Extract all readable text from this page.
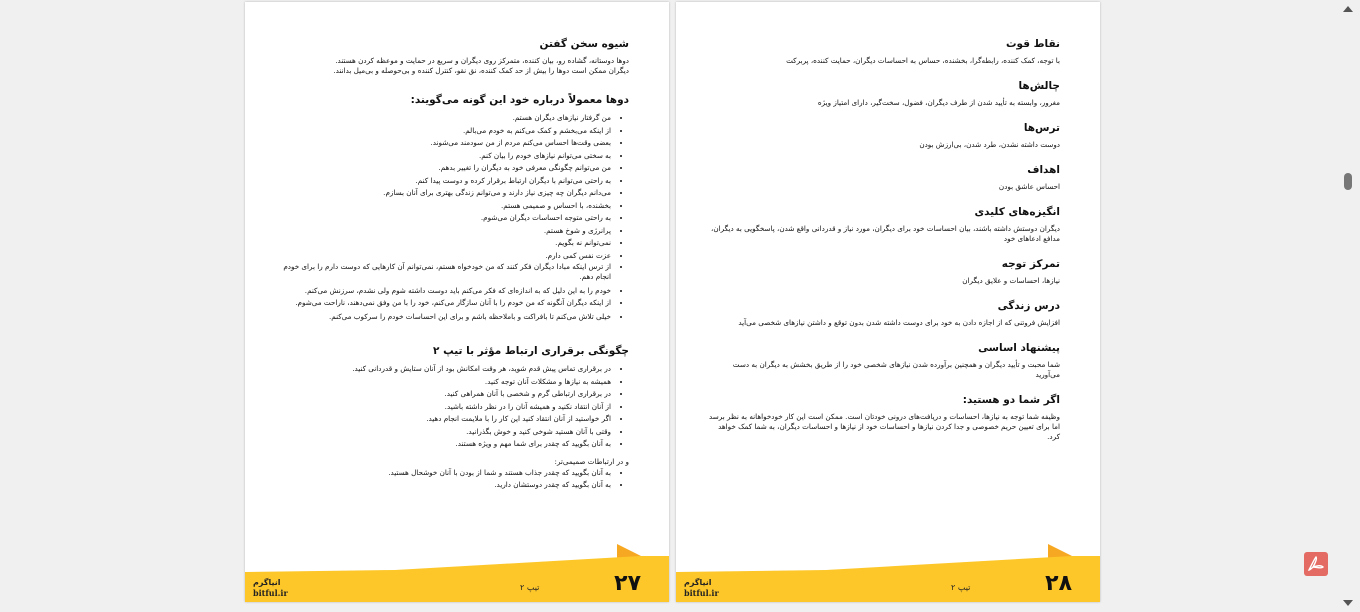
شیوه سخن گفتن

دوها دوستانه، گشاده رو، بیان کننده، متمرکز روی دیگران و سریع در حمایت و موعظه کردن هستند.

دیگران ممکن است دوها را بیش از حد کمک کننده، نق نقو، کنترل کننده و بی‌حوصله و بی‌میل بدانند.

دوها معمولاً درباره خود این گونه می‌گویند:
• من گرفتار نیازهای دیگران هستم.
• از اینکه می‌بخشم و کمک می‌کنم به خودم می‌بالم.
• بعضی وقت‌ها احساس می‌کنم مردم از من سودمند می‌شوند.
• به سختی می‌توانم نیازهای خودم را بیان کنم.
• من می‌توانم چگونگی معرفی خود به دیگران را تغییر بدهم.
• به راحتی می‌توانم با دیگران ارتباط برقرار کرده و دوست پیدا کنم.
• می‌دانم دیگران چه چیزی نیاز دارند و می‌توانم زندگی بهتری برای آنان بسازم.
• بخشنده، با احساس و صمیمی هستم.
• به راحتی متوجه احساسات دیگران می‌شوم.
• پرانرژی و شوخ هستم.
• نمی‌توانم نه بگویم.
• عزت نفس کمی دارم.
• از ترس اینکه مبادا دیگران فکر کنند که من خودخواه هستم، نمی‌توانم آن کارهایی که دوست دارم را برای خودم انجام دهم.
• خودم را به این دلیل که به اندازه‌ای که فکر می‌کنم باید دوست داشته شوم ولی نشدم، سرزنش می‌کنم.
• از اینکه دیگران آنگونه که من خودم را با آنان سازگار می‌کنم، خود را با من وفق نمی‌دهند، ناراحت می‌شوم.
• خیلی تلاش می‌کنم تا بافراکت و باملاحظه باشم و برای این احساسات خودم را سرکوب می‌کنم.
چگونگی برقراری ارتباط مؤثر با تیپ ۲
• در برقراری تماس پیش قدم شوید، هر وقت امکانش بود از آنان ستایش و قدردانی کنید.
• همیشه به نیازها و مشکلات آنان توجه کنید.
• در برقراری ارتباطی گرم و شخصی با آنان همراهی کنید.
• از آنان انتقاد نکنید و همیشه آنان را در نظر داشته باشید.
• اگر خواستید از آنان انتقاد کنید این کار را با ملایمت انجام دهید.
• وقتی با آنان هستید شوخی کنید و خوش بگذرانید.
• به آنان بگویید که چقدر برای شما مهم و ویژه هستند.

و در ارتباطات صمیمی‌تر:

• به آنان بگویید که چقدر جذاب هستند و شما از بودن با آنان خوشحال هستید.
• به آنان بگویید که چقدر دوستشان دارید.
۲۷
تیپ ۲
انیاگرم
bitful.ir
نقاط قوت

با توجه، کمک کننده، رابطه‌گرا، بخشنده، حساس به احساسات دیگران، حمایت کننده، پربرکت

چالش‌ها

مغرور، وابسته به تأیید شدن از طرف دیگران، فضول، سخت‌گیر، دارای امتیاز ویژه

ترس‌ها

دوست داشته نشدن، طرد شدن، بی‌ارزش بودن

اهداف

احساس عاشق بودن

انگیزه‌های کلیدی

دیگران دوستش داشته باشند، بیان احساسات خود برای دیگران، مورد نیاز و قدردانی واقع شدن، پاسخگویی به دیگران، مدافع ادعاهای خود

تمرکز توجه

نیازها، احساسات و علایق دیگران

درس زندگی

افزایش فروتنی که از اجازه دادن به خود برای دوست داشته شدن بدون توقع و داشتن نیازهای شخصی می‌آید

پیشنهاد اساسی

شما محبت و تأیید دیگران و همچنین برآورده شدن نیازهای شخصی خود را از طریق بخشش به دیگران به دست می‌آورید

اگر شما دو هستید:

وظیفه شما توجه به نیازها، احساسات و دریافت‌های درونی خودتان است. ممکن است این کار خودخواهانه به نظر برسد اما برای تعیین حریم خصوصی و جدا کردن نیازها و احساسات خود از نیازها و احساسات دیگران، به شما کمک خواهد کرد.

۲۸
تیپ ۲
انیاگرم
bitful.ir
